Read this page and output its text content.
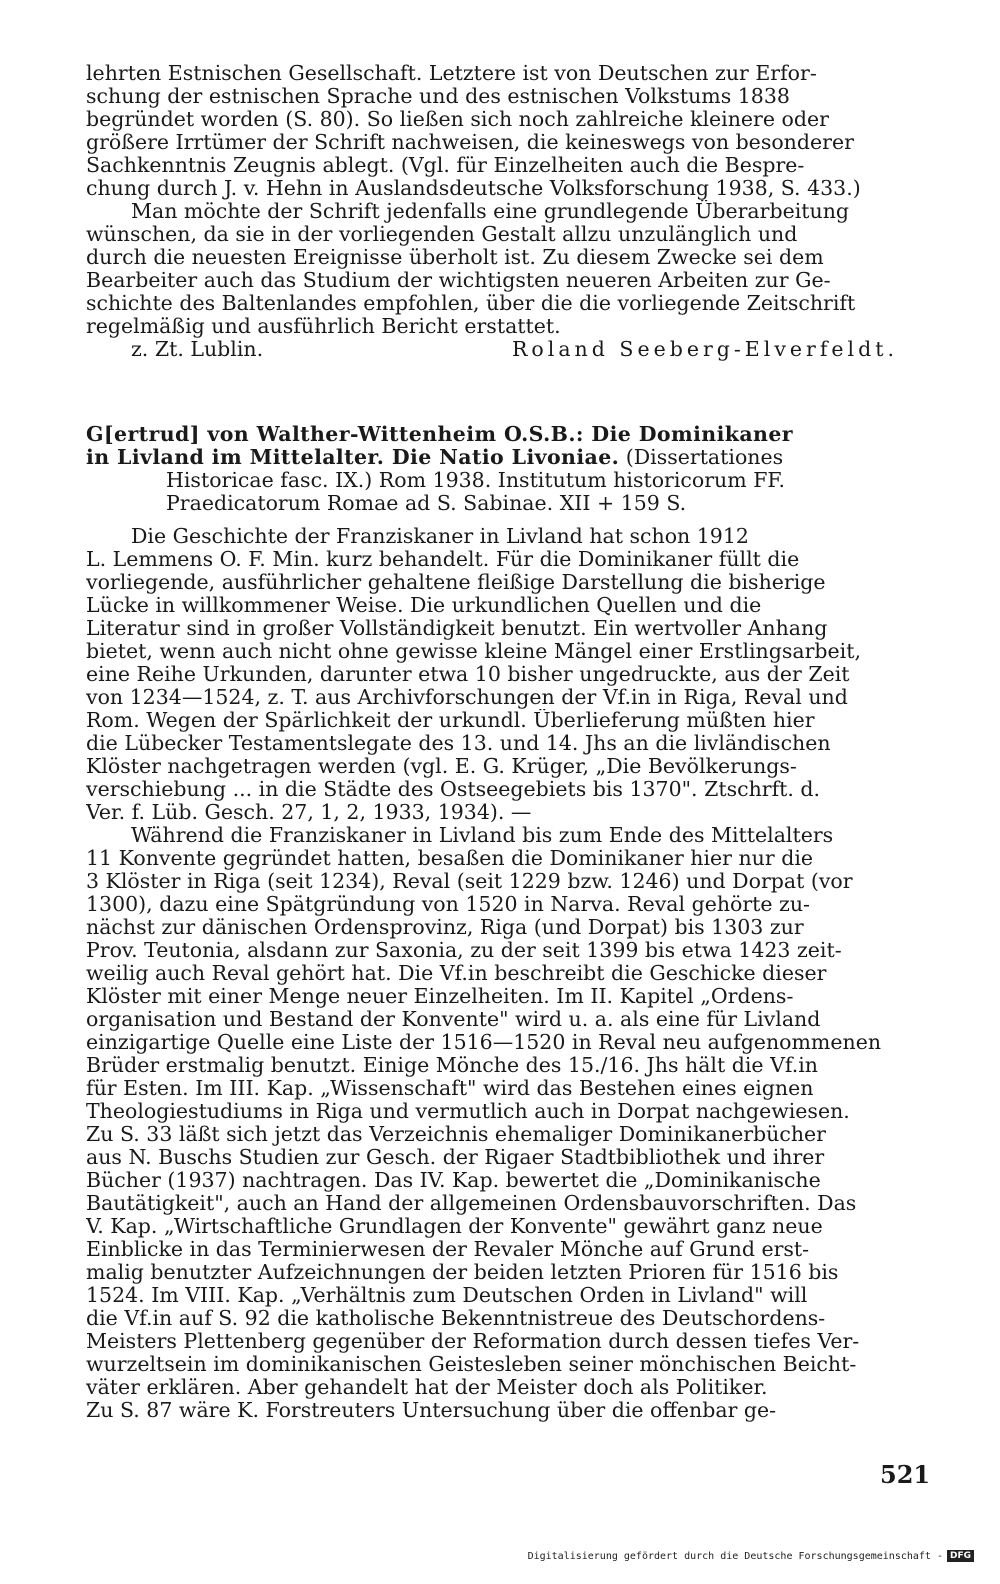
lehrten Estnischen Gesellschaft. Letztere ist von Deutschen zur Erfor-
schung der estnischen Sprache und des estnischen Volkstums 1838
begründet worden (S. 80). So ließen sich noch zahlreiche kleinere oder
größere Irrtümer der Schrift nachweisen, die keineswegs von besonderer
Sachkenntnis Zeugnis ablegt. (Vgl. für Einzelheiten auch die Bespre-
chung durch J. v. Hehn in Auslandsdeutsche Volksforschung 1938, S. 433.)
Man möchte der Schrift jedenfalls eine grundlegende Überarbeitung
wünschen, da sie in der vorliegenden Gestalt allzu unzulänglich und
durch die neuesten Ereignisse überholt ist. Zu diesem Zwecke sei dem
Bearbeiter auch das Studium der wichtigsten neueren Arbeiten zur Ge-
schichte des Baltenlandes empfohlen, über die die vorliegende Zeitschrift
regelmäßig und ausführlich Bericht erstattet.
z. Zt. Lublin.	Roland Seeberg-Elverfeldt.
G[ertrud] von Walther-Wittenheim O.S.B.: Die Dominikaner
in Livland im Mittelalter. Die Natio Livoniae. (Dissertationes
Historicae fasc. IX.) Rom 1938. Institutum historicorum FF.
Praedicatorum Romae ad S. Sabinae. XII + 159 S.
Die Geschichte der Franziskaner in Livland hat schon 1912
L. Lemmens O. F. Min. kurz behandelt. Für die Dominikaner füllt die
vorliegende, ausführlicher gehaltene fleißige Darstellung die bisherige
Lücke in willkommener Weise. Die urkundlichen Quellen und die
Literatur sind in großer Vollständigkeit benutzt. Ein wertvoller Anhang
bietet, wenn auch nicht ohne gewisse kleine Mängel einer Erstlingsarbeit,
eine Reihe Urkunden, darunter etwa 10 bisher ungedruckte, aus der Zeit
von 1234—1524, z. T. aus Archivforschungen der Vf.in in Riga, Reval und
Rom. Wegen der Spärlichkeit der urkundl. Überlieferung müßten hier
die Lübecker Testamentslegate des 13. und 14. Jhs an die livländischen
Klöster nachgetragen werden (vgl. E. G. Krüger, „Die Bevölkerungs-
verschiebung ... in die Städte des Ostseegebiets bis 1370". Ztschrft. d.
Ver. f. Lüb. Gesch. 27, 1, 2, 1933, 1934). —
Während die Franziskaner in Livland bis zum Ende des Mittelalters
11 Konvente gegründet hatten, besaßen die Dominikaner hier nur die
3 Klöster in Riga (seit 1234), Reval (seit 1229 bzw. 1246) und Dorpat (vor
1300), dazu eine Spätgründung von 1520 in Narva. Reval gehörte zu-
nächst zur dänischen Ordensprovinz, Riga (und Dorpat) bis 1303 zur
Prov. Teutonia, alsdann zur Saxonia, zu der seit 1399 bis etwa 1423 zeit-
weilig auch Reval gehört hat. Die Vf.in beschreibt die Geschicke dieser
Klöster mit einer Menge neuer Einzelheiten. Im II. Kapitel „Ordens-
organisation und Bestand der Konvente" wird u. a. als eine für Livland
einzigartige Quelle eine Liste der 1516—1520 in Reval neu aufgenommenen
Brüder erstmalig benutzt. Einige Mönche des 15./16. Jhs hält die Vf.in
für Esten. Im III. Kap. „Wissenschaft" wird das Bestehen eines eignen
Theologiestudiums in Riga und vermutlich auch in Dorpat nachgewiesen.
Zu S. 33 läßt sich jetzt das Verzeichnis ehemaliger Dominikanerbücher
aus N. Buschs Studien zur Gesch. der Rigaer Stadtbibliothek und ihrer
Bücher (1937) nachtragen. Das IV. Kap. bewertet die „Dominikanische
Bautätigkeit", auch an Hand der allgemeinen Ordensbauvorschriften. Das
V. Kap. „Wirtschaftliche Grundlagen der Konvente" gewährt ganz neue
Einblicke in das Terminierwesen der Revaler Mönche auf Grund erst-
malig benutzter Aufzeichnungen der beiden letzten Prioren für 1516 bis
1524. Im VIII. Kap. „Verhältnis zum Deutschen Orden in Livland" will
die Vf.in auf S. 92 die katholische Bekenntnistreue des Deutschordens-
Meisters Plettenberg gegenüber der Reformation durch dessen tiefes Ver-
wurzeltsein im dominikanischen Geistesleben seiner mönchischen Beicht-
väter erklären. Aber gehandelt hat der Meister doch als Politiker.
Zu S. 87 wäre K. Forstreuters Untersuchung über die offenbar ge-
521
Digitalisierung gefördert durch die Deutsche Forschungsgemeinschaft - DFG
